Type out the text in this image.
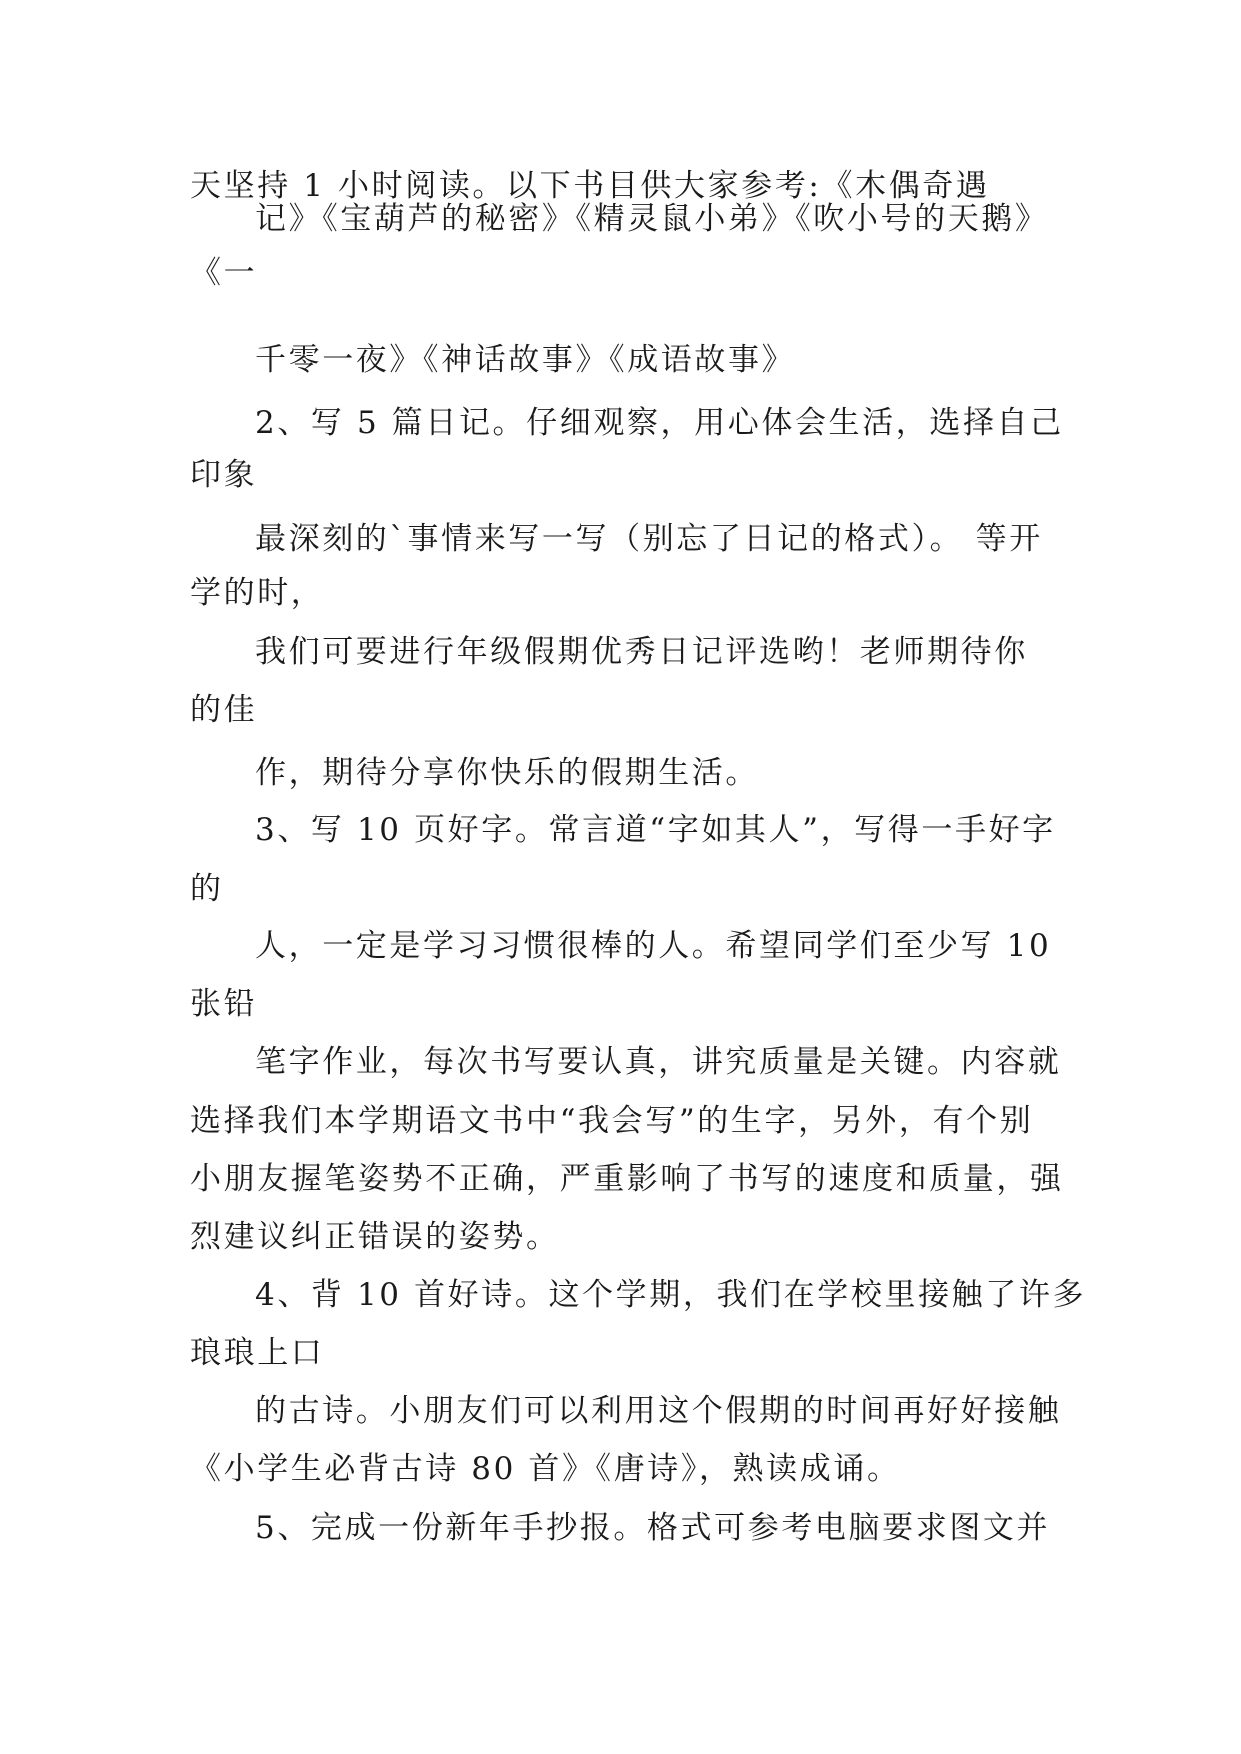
天坚持 1 小时阅读。以下书目供大家参考:《木偶奇遇

记》《宝葫芦的秘密》《精灵鼠小弟》《吹小号的天鹅》

《一

千零一夜》《神话故事》《成语故事》

2、写 5 篇日记。仔细观察，用心体会生活，选择自己

印象

最深刻的`事情来写一写（别忘了日记的格式）。 等开

学的时，

我们可要进行年级假期优秀日记评选哟！老师期待你

的佳

作，期待分享你快乐的假期生活。

3、写 10 页好字。常言道“字如其人”，写得一手好字

的

人，一定是学习习惯很棒的人。希望同学们至少写 10

张铅

笔字作业，每次书写要认真，讲究质量是关键。内容就

选择我们本学期语文书中“我会写”的生字，另外，有个别

小朋友握笔姿势不正确，严重影响了书写的速度和质量，强

烈建议纠正错误的姿势。

4、背 10 首好诗。这个学期，我们在学校里接触了许多

琅琅上口

的古诗。小朋友们可以利用这个假期的时间再好好接触

《小学生必背古诗 80 首》《唐诗》，熟读成诵。

5、完成一份新年手抄报。格式可参考电脑要求图文并
